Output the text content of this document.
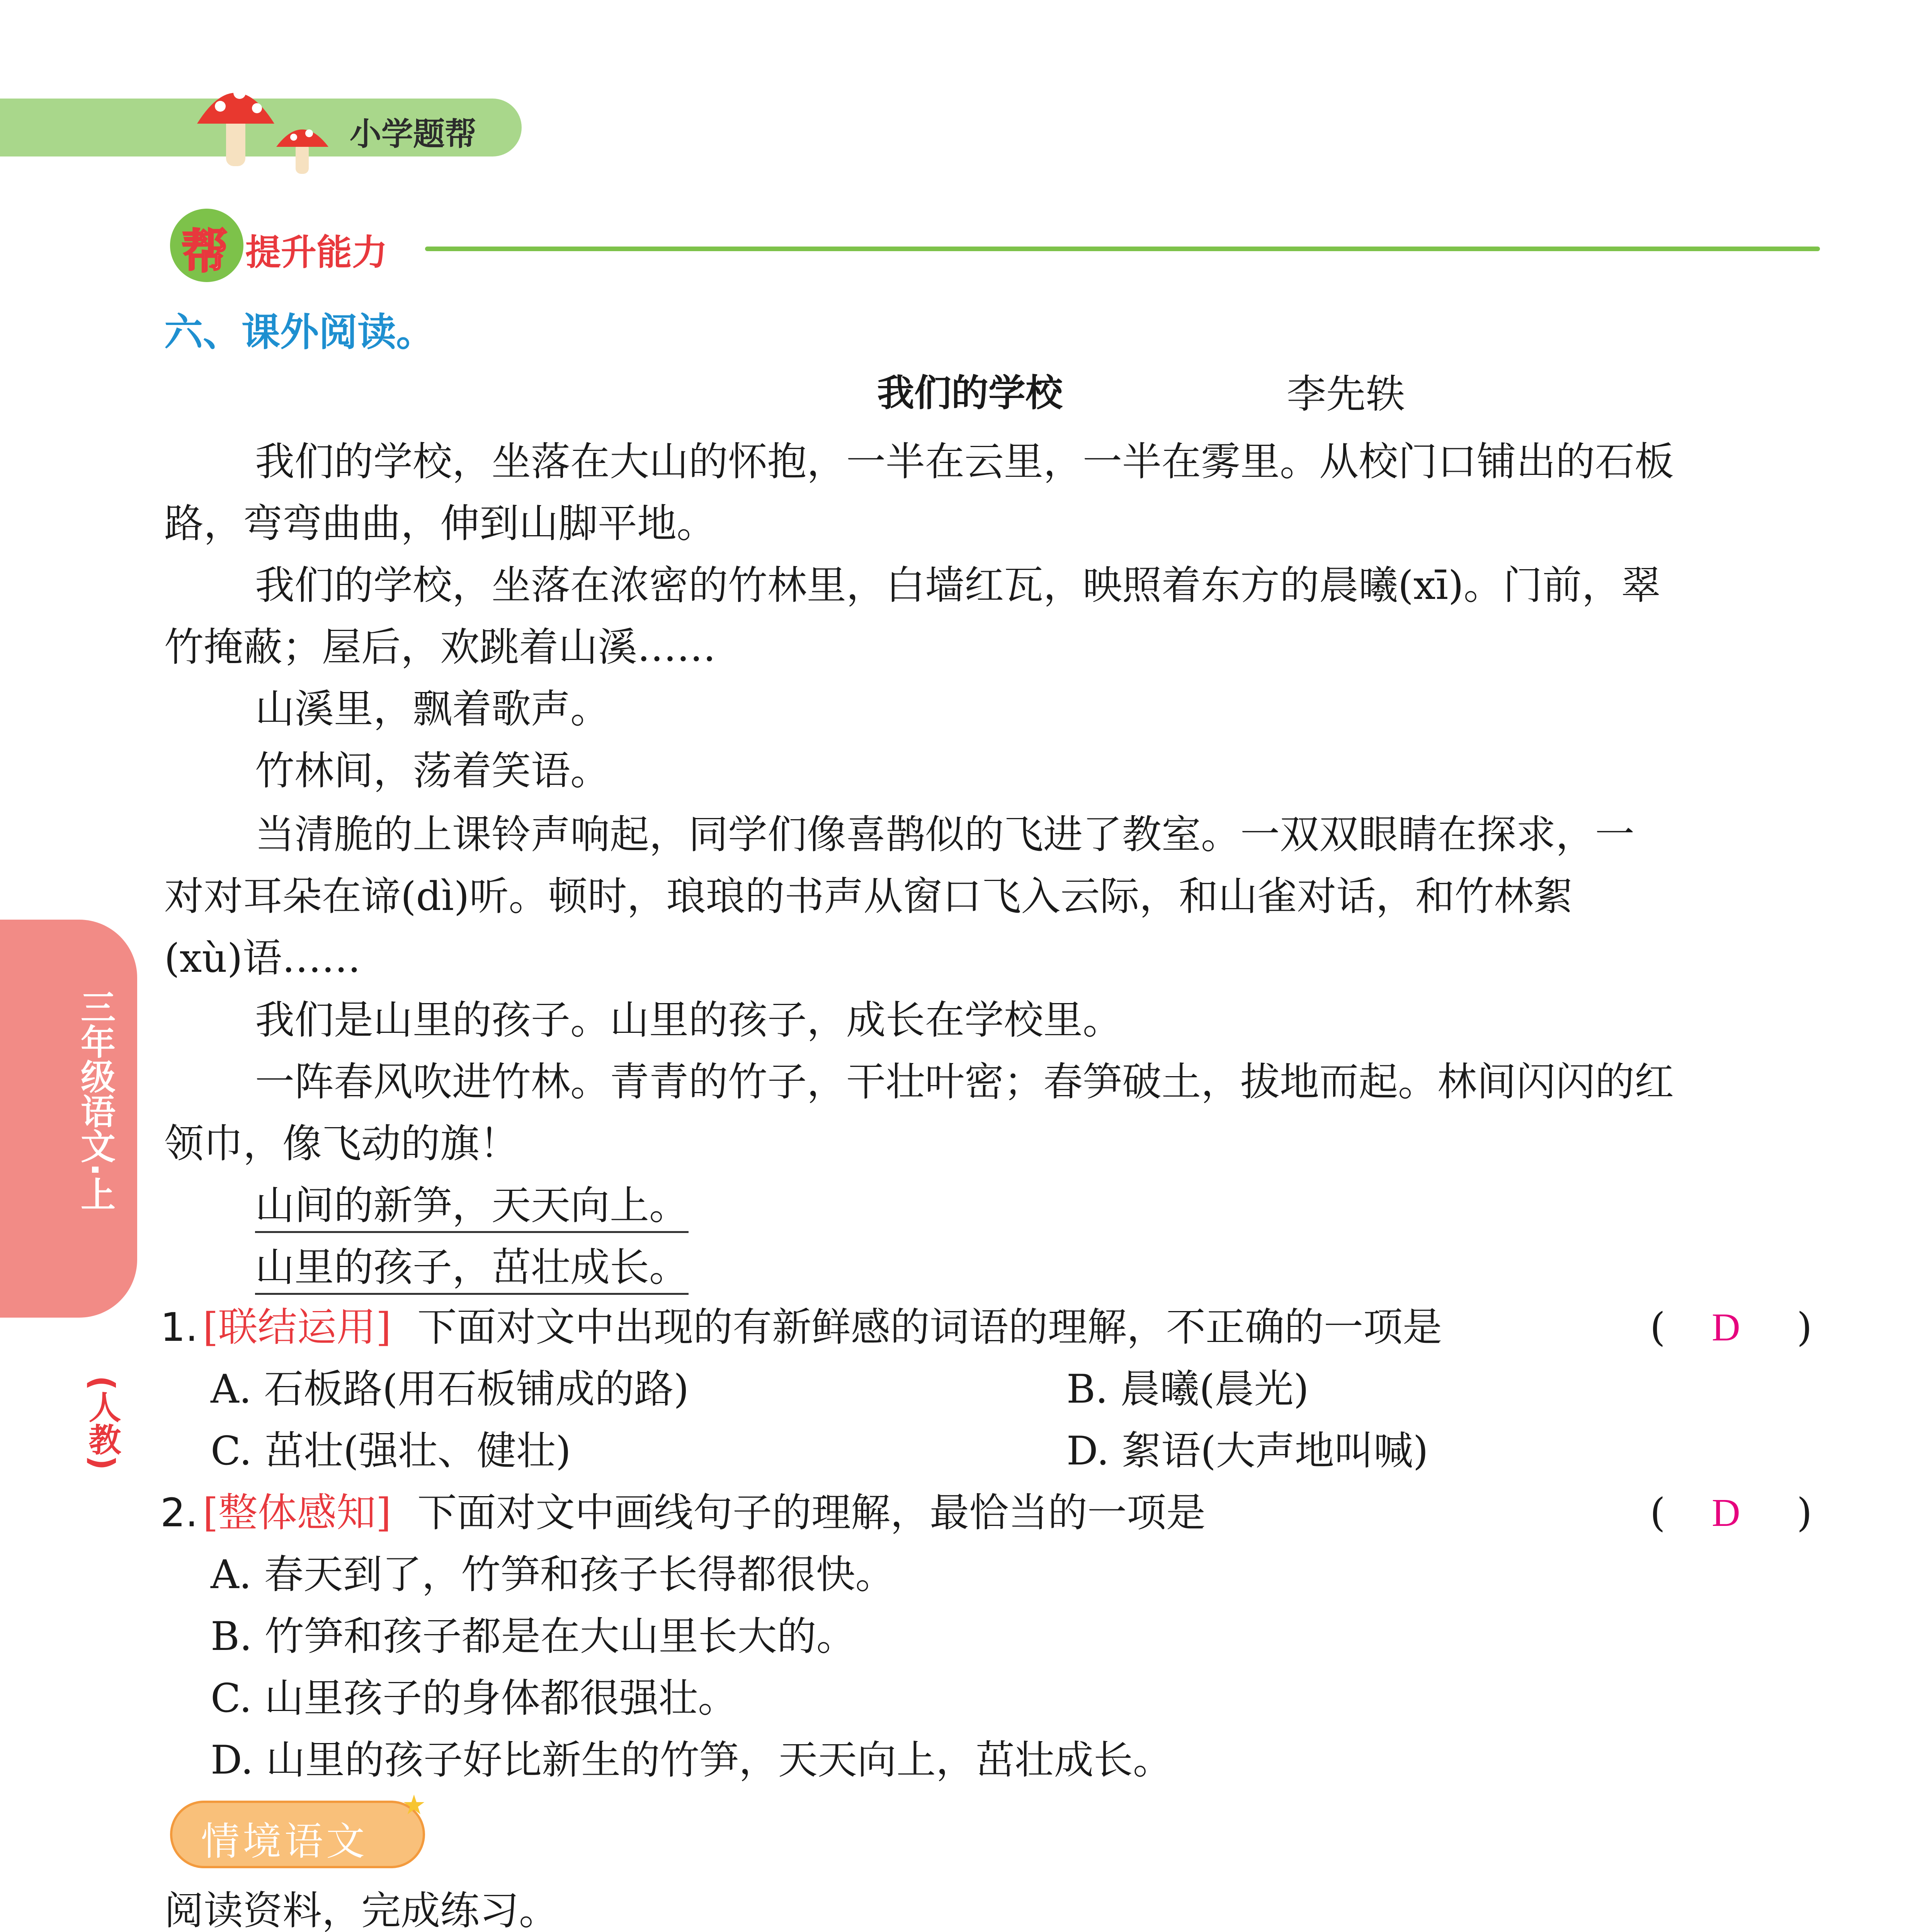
小学题帮
帮 提升能力
三年级语文·上
(人教)
六、课外阅读。
我们的学校	李先轶
我们的学校，坐落在大山的怀抱，一半在云里，一半在雾里。从校门口铺出的石板
路，弯弯曲曲，伸到山脚平地。
我们的学校，坐落在浓密的竹林里，白墙红瓦，映照着东方的晨曦(xī)。门前，翠
竹掩蔽；屋后，欢跳着山溪……
山溪里，飘着歌声。
竹林间，荡着笑语。
当清脆的上课铃声响起，同学们像喜鹊似的飞进了教室。一双双眼睛在探求，一
对对耳朵在谛(dì)听。顿时，琅琅的书声从窗口飞入云际，和山雀对话，和竹林絮
(xù)语……
我们是山里的孩子。山里的孩子，成长在学校里。
一阵春风吹进竹林。青青的竹子，干壮叶密；春笋破土，拔地而起。林间闪闪的红
领巾，像飞动的旗！
山间的新笋，天天向上。
山里的孩子，茁壮成长。
1. [联结运用] 下面对文中出现的有新鲜感的词语的理解，不正确的一项是	( D )
A. 石板路(用石板铺成的路)	B. 晨曦(晨光)
C. 茁壮(强壮、健壮)	D. 絮语(大声地叫喊)
2. [整体感知] 下面对文中画线句子的理解，最恰当的一项是	( D )
A. 春天到了，竹笋和孩子长得都很快。
B. 竹笋和孩子都是在大山里长大的。
C. 山里孩子的身体都很强壮。
D. 山里的孩子好比新生的竹笋，天天向上，茁壮成长。
情境语文
★
阅读资料，完成练习。
